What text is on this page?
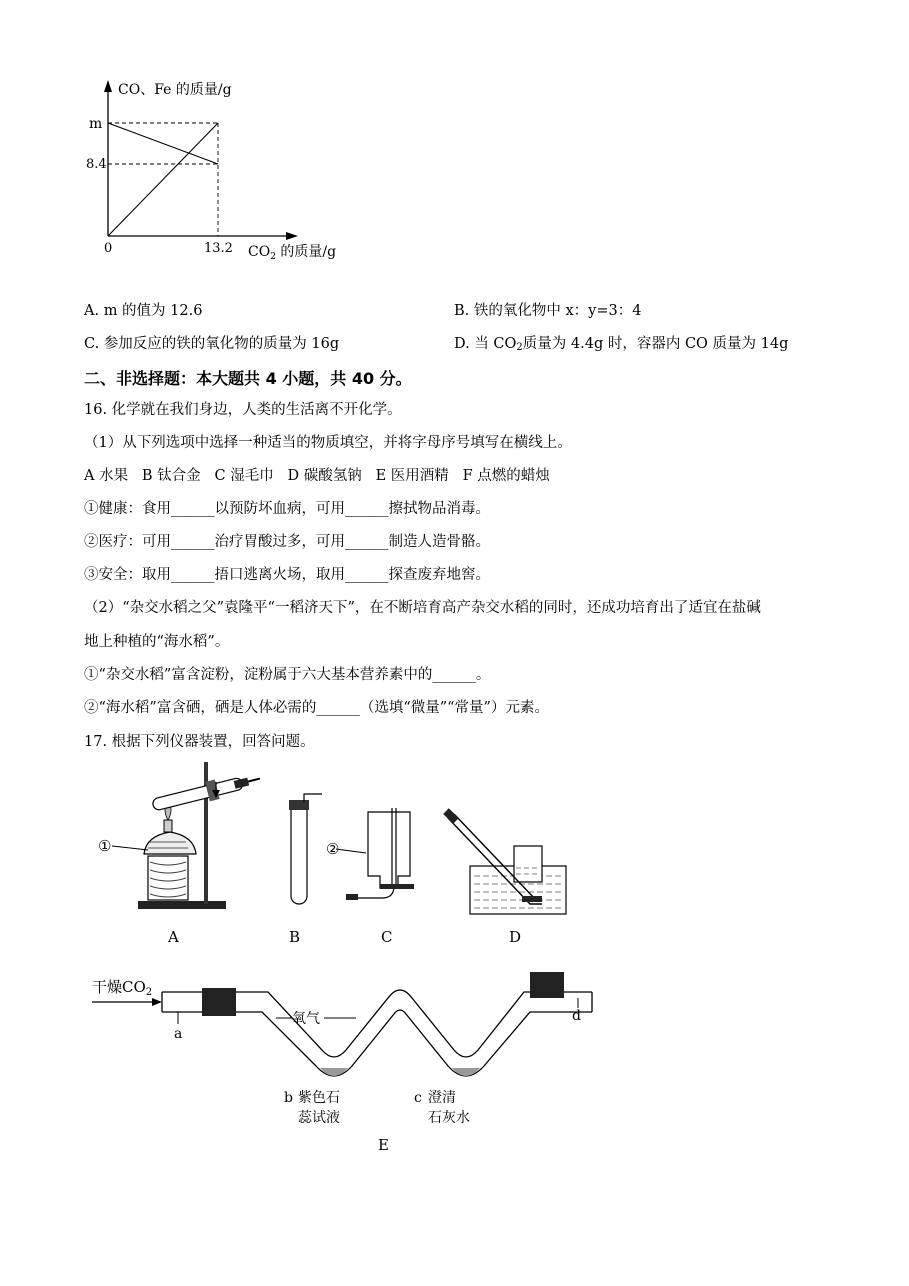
CO、Fe 的质量/g
m
8.4
0	13.2 $CO_2$ 的质量/g
A. m 的值为 12.6	B. 铁的氧化物中 x：y=3：4
C. 参加反应的铁的氧化物的质量为 16g	D. 当 $CO_2$质量为 4.4g 时，容器内 CO 质量为 14g
二、非选择题：本大题共 4 小题，共 40 分。
16. 化学就在我们身边，人类的生活离不开化学。
（1）从下列选项中选择一种适当的物质填空，并将字母序号填写在横线上。
A 水果   B 钛合金   C 湿毛巾   D 碳酸氢钠   E 医用酒精   F 点燃的蜡烛
①健康：食用______以预防坏血病，可用______擦拭物品消毒。
②医疗：可用______治疗胃酸过多，可用______制造人造骨骼。
③安全：取用______捂口逃离火场，取用______探查废弃地窖。
（2）“杂交水稻之父”袁隆平“一稻济天下”，在不断培育高产杂交水稻的同时，还成功培育出了适宜在盐碱
地上种植的“海水稻”。
①“杂交水稻”富含淀粉，淀粉属于六大基本营养素中的______。
②“海水稻”富含硒，硒是人体必需的______（选填“微量”“常量”）元素。
17. 根据下列仪器装置，回答问题。
①	②
A	B	C	D
干燥$CO_2$
a
d
氧气
b 紫色石
蕊试液
c 澄清
石灰水
E
